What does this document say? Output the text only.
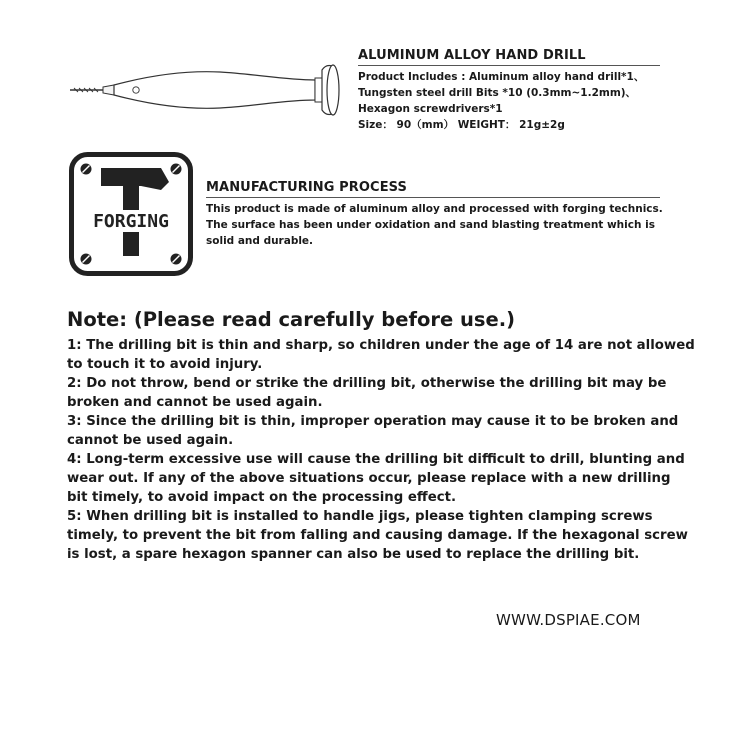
ALUMINUM ALLOY HAND DRILL
Product Includes : Aluminum alloy hand drill*1、
Tungsten steel drill Bits *10 (0.3mm~1.2mm)、
Hexagon screwdrivers*1
Size： 90（mm） WEIGHT： 21g±2g
FORGING
MANUFACTURING PROCESS
This product is made of aluminum alloy and processed with forging technics.
The surface has been under oxidation and sand blasting treatment which is
solid and durable.
Note: (Please read carefully before use.)
1: The drilling bit is thin and sharp, so children under the age of 14 are not allowed
to touch it to avoid injury.
2: Do not throw, bend or strike the drilling bit, otherwise the drilling bit may be
broken and cannot be used again.
3: Since the drilling bit is thin, improper operation may cause it to be broken and
cannot be used again.
4: Long-term excessive use will cause the drilling bit difficult to drill, blunting and
wear out. If any of the above situations occur, please replace with a new drilling
bit timely, to avoid impact on the processing effect.
5: When drilling bit is installed to handle jigs, please tighten clamping screws
timely, to prevent the bit from falling and causing damage. If the hexagonal screw
is lost, a spare hexagon spanner can also be used to replace the drilling bit.
WWW.DSPIAE.COM
